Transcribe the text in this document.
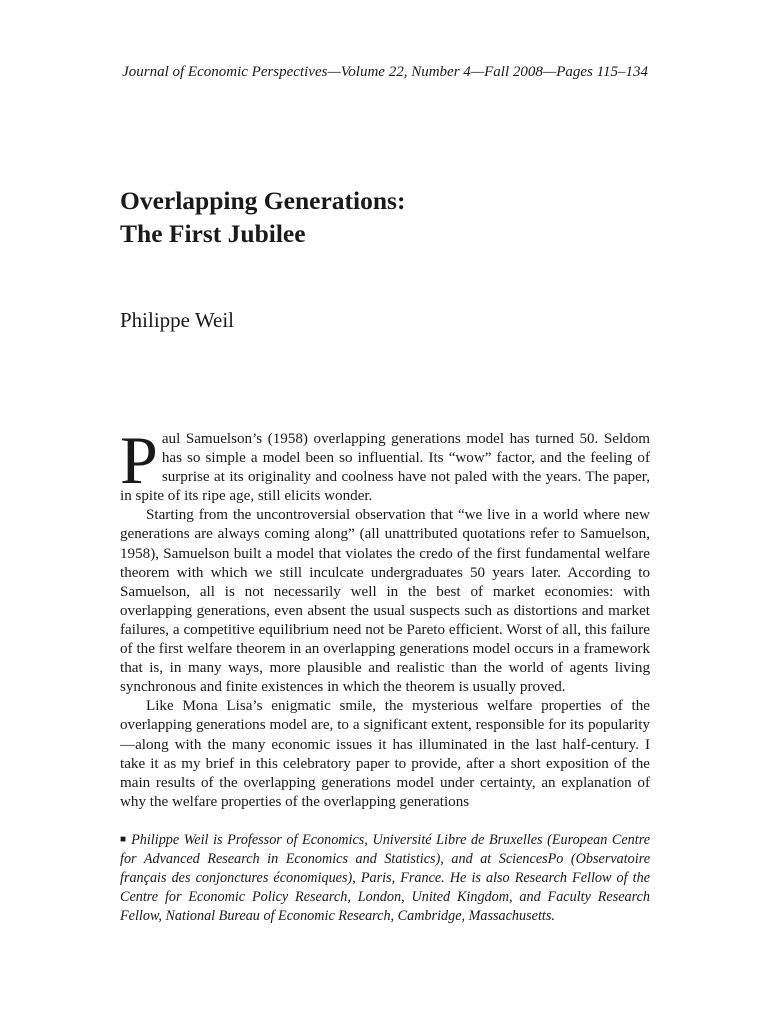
Journal of Economic Perspectives—Volume 22, Number 4—Fall 2008—Pages 115–134
Overlapping Generations:
The First Jubilee
Philippe Weil

Paul Samuelson’s (1958) overlapping generations model has turned 50. Seldom has so simple a model been so influential. Its “wow” factor, and the feeling of surprise at its originality and coolness have not paled with the years. The paper, in spite of its ripe age, still elicits wonder.

Starting from the uncontroversial observation that “we live in a world where new generations are always coming along” (all unattributed quotations refer to Samuelson, 1958), Samuelson built a model that violates the credo of the first fundamental welfare theorem with which we still inculcate undergraduates 50 years later. According to Samuelson, all is not necessarily well in the best of market economies: with overlapping generations, even absent the usual suspects such as distortions and market failures, a competitive equilibrium need not be Pareto efficient. Worst of all, this failure of the first welfare theorem in an overlapping generations model occurs in a framework that is, in many ways, more plausible and realistic than the world of agents living synchronous and finite existences in which the theorem is usually proved.

Like Mona Lisa’s enigmatic smile, the mysterious welfare properties of the overlapping generations model are, to a significant extent, responsible for its popularity—along with the many economic issues it has illuminated in the last half-century. I take it as my brief in this celebratory paper to provide, after a short exposition of the main results of the overlapping generations model under certainty, an explanation of why the welfare properties of the overlapping generations

■ Philippe Weil is Professor of Economics, Université Libre de Bruxelles (European Centre for Advanced Research in Economics and Statistics), and at SciencesPo (Observatoire français des conjonctures économiques), Paris, France. He is also Research Fellow of the Centre for Economic Policy Research, London, United Kingdom, and Faculty Research Fellow, National Bureau of Economic Research, Cambridge, Massachusetts.
